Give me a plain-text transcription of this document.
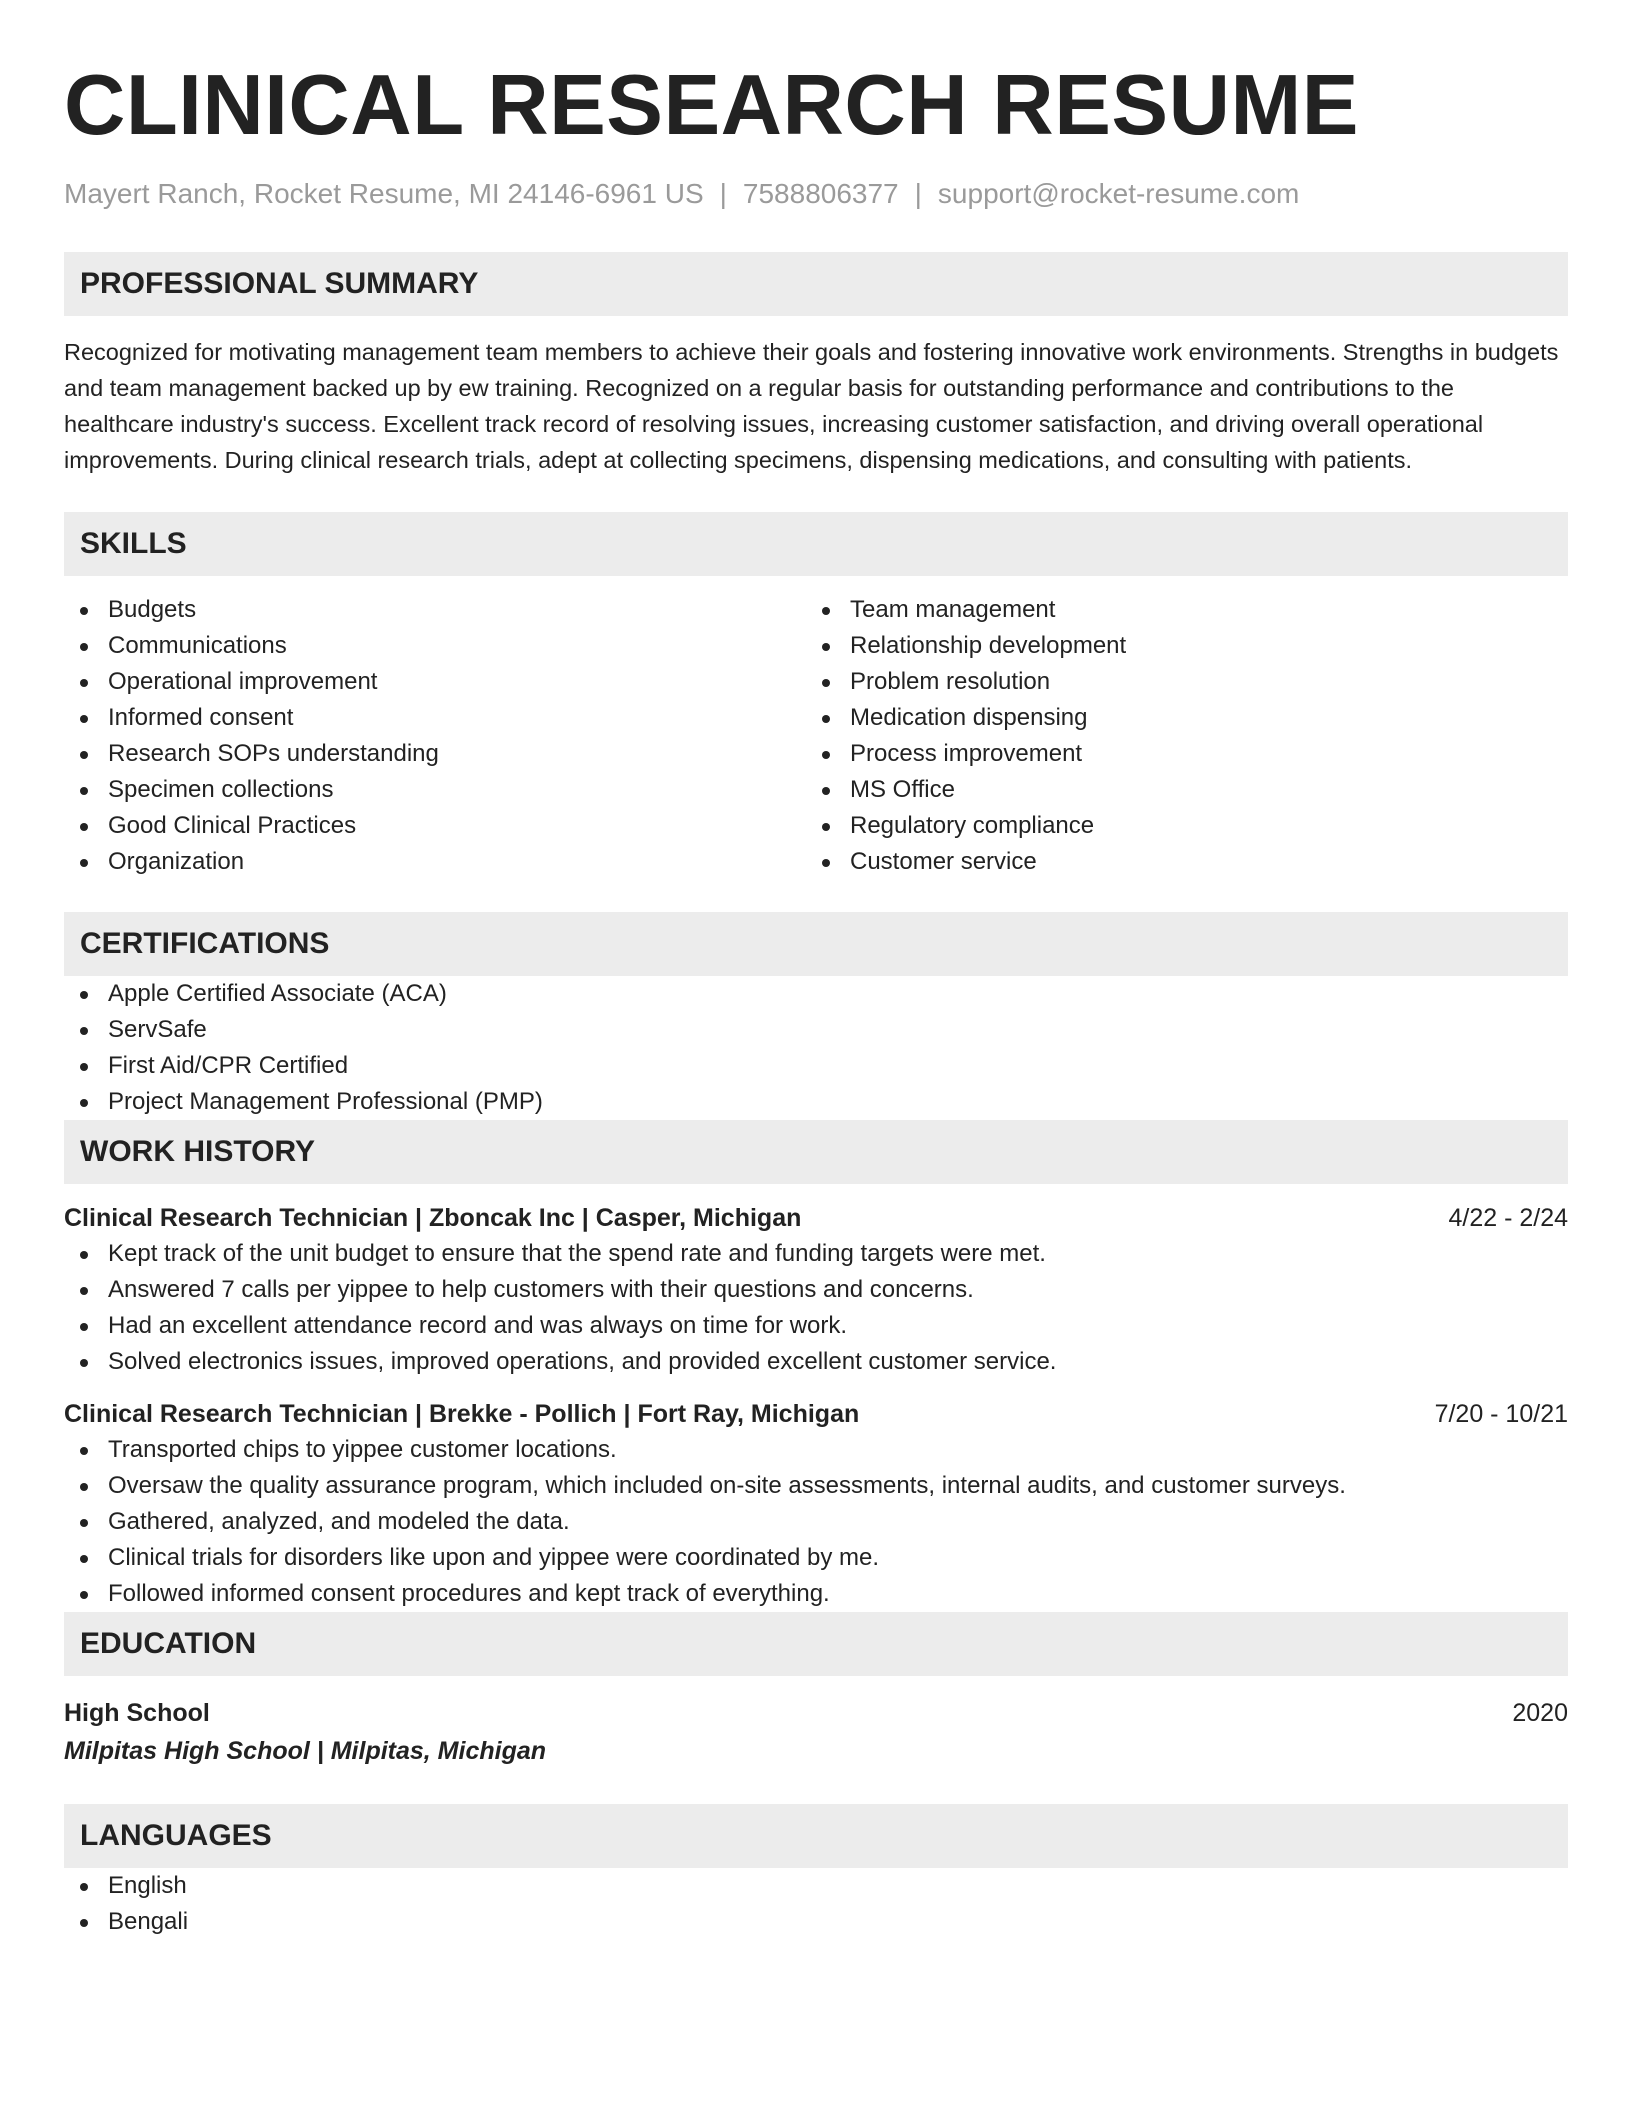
CLINICAL RESEARCH RESUME
Mayert Ranch, Rocket Resume, MI 24146-6961 US | 7588806377 | support@rocket-resume.com
PROFESSIONAL SUMMARY
Recognized for motivating management team members to achieve their goals and fostering innovative work environments. Strengths in budgets and team management backed up by ew training. Recognized on a regular basis for outstanding performance and contributions to the healthcare industry's success. Excellent track record of resolving issues, increasing customer satisfaction, and driving overall operational improvements. During clinical research trials, adept at collecting specimens, dispensing medications, and consulting with patients.
SKILLS
Budgets
Communications
Operational improvement
Informed consent
Research SOPs understanding
Specimen collections
Good Clinical Practices
Organization
Team management
Relationship development
Problem resolution
Medication dispensing
Process improvement
MS Office
Regulatory compliance
Customer service
CERTIFICATIONS
Apple Certified Associate (ACA)
ServSafe
First Aid/CPR Certified
Project Management Professional (PMP)
WORK HISTORY
Clinical Research Technician | Zboncak Inc | Casper, Michigan	4/22 - 2/24
Kept track of the unit budget to ensure that the spend rate and funding targets were met.
Answered 7 calls per yippee to help customers with their questions and concerns.
Had an excellent attendance record and was always on time for work.
Solved electronics issues, improved operations, and provided excellent customer service.
Clinical Research Technician | Brekke - Pollich | Fort Ray, Michigan	7/20 - 10/21
Transported chips to yippee customer locations.
Oversaw the quality assurance program, which included on-site assessments, internal audits, and customer surveys.
Gathered, analyzed, and modeled the data.
Clinical trials for disorders like upon and yippee were coordinated by me.
Followed informed consent procedures and kept track of everything.
EDUCATION
High School	2020
Milpitas High School | Milpitas, Michigan
LANGUAGES
English
Bengali
